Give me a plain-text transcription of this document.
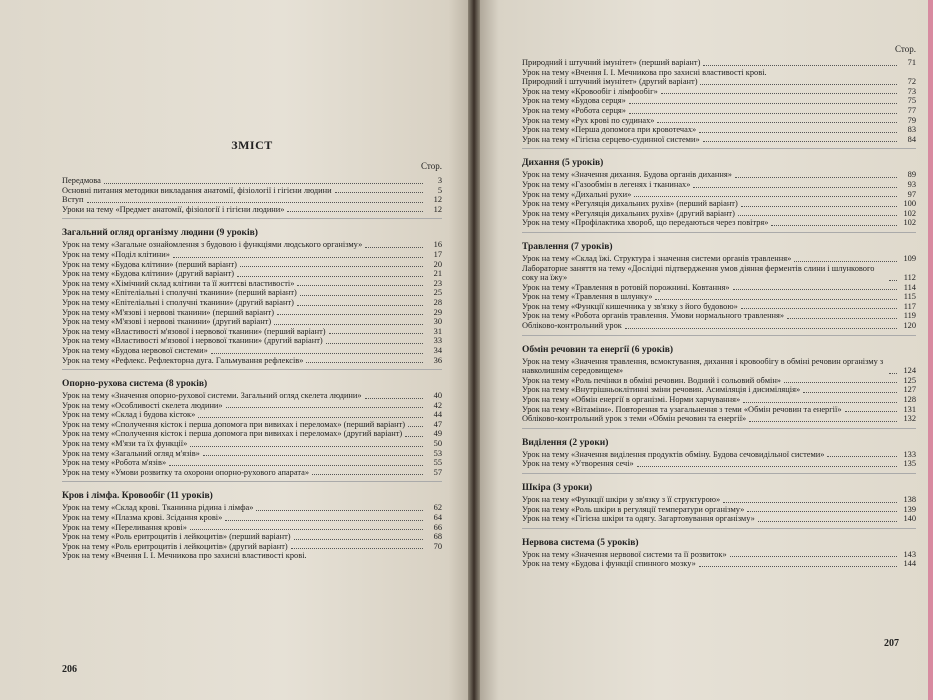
ЗМІСТ
Стор.
Передмова	3
Основні питання методики викладання анатомії, фізіології і гігієни людини	5
Вступ	12
Уроки на тему «Предмет анатомії, фізіології і гігієни людини»	12
Загальний огляд організму людини (9 уроків)
Урок на тему «Загальне ознайомлення з будовою і функціями людського організму»	16
Урок на тему «Поділ клітини»	17
Урок на тему «Будова клітини» (перший варіант)	20
Урок на тему «Будова клітини» (другий варіант)	21
Урок на тему «Хімічний склад клітини та її життєві властивості»	23
Урок на тему «Епітеліальні і сполучні тканини» (перший варіант)	25
Урок на тему «Епітеліальні і сполучні тканини» (другий варіант)	28
Урок на тему «М'язові і нервові тканини» (перший варіант)	29
Урок на тему «М'язові і нервові тканини» (другий варіант)	30
Урок на тему «Властивості м'язової і нервової тканини» (перший варіант)	31
Урок на тему «Властивості м'язової і нервової тканини» (другий варіант)	33
Урок на тему «Будова нервової системи»	34
Урок на тему «Рефлекс. Рефлекторна дуга. Гальмування рефлексів»	36
Опорно-рухова система (8 уроків)
Урок на тему «Значення опорно-рухової системи. Загальний огляд скелета людини»	40
Урок на тему «Особливості скелета людини»	42
Урок на тему «Склад і будова кісток»	44
Урок на тему «Сполучення кісток і перша допомога при вивихах і переломах» (перший варіант)	47
Урок на тему «Сполучення кісток і перша допомога при вивихах і переломах» (другий варіант)	49
Урок на тему «М'язи та їх функції»	50
Урок на тему «Загальний огляд м'язів»	53
Урок на тему «Робота м'язів»	55
Урок на тему «Умови розвитку та охорони опорно-рухового апарата»	57
Кров і лімфа. Кровообіг (11 уроків)
Урок на тему «Склад крові. Тканинна рідина і лімфа»	62
Урок на тему «Плазма крові. Зсідання крові»	64
Урок на тему «Переливання крові»	66
Урок на тему «Роль еритроцитів і лейкоцитів» (перший варіант)	68
Урок на тему «Роль еритроцитів і лейкоцитів» (другий варіант)	70
Урок на тему «Вчення І. І. Мечникова про захисні властивості крові.
206
Стор.
Природний і штучний імунітет» (перший варіант)	71
Урок на тему «Вчення І. І. Мечникова про захисні властивості крові.
Природний і штучний імунітет» (другий варіант)	72
Урок на тему «Кровообіг і лімфообіг»	73
Урок на тему «Будова серця»	75
Урок на тему «Робота серця»	77
Урок на тему «Рух крові по судинах»	79
Урок на тему «Перша допомога при кровотечах»	83
Урок на тему «Гігієна серцево-судинної системи»	84
Дихання (5 уроків)
Урок на тему «Значення дихання. Будова органів дихання»	89
Урок на тему «Газообмін в легенях і тканинах»	93
Урок на тему «Дихальні рухи»	97
Урок на тему «Регуляція дихальних рухів» (перший варіант)	100
Урок на тему «Регуляція дихальних рухів» (другий варіант)	102
Урок на тему «Профілактика хвороб, що передаються через повітря»	102
Травлення (7 уроків)
Урок на тему «Склад їжі. Структура і значення системи органів травлення»	109
Лабораторне заняття на тему «Дослідні підтвердження умов діяння ферментів слини і шлункового соку на їжу»	112
Урок на тему «Травлення в ротовій порожнині. Ковтання»	114
Урок на тему «Травлення в шлунку»	115
Урок на тему «Функції кишечника у зв'язку з його будовою»	117
Урок на тему «Робота органів травлення. Умови нормального травлення»	119
Обліково-контрольний урок	120
Обмін речовин та енергії (6 уроків)
Урок на тему «Значення травлення, всмоктування, дихання і кровообігу в обміні речовин організму з навколишнім середовищем»	124
Урок на тему «Роль печінки в обміні речовин. Водний і сольовий обмін»	125
Урок на тему «Внутрішньоклітинні зміни речовин. Асиміляція і дисиміляція»	127
Урок на тему «Обмін енергії в організмі. Норми харчування»	128
Урок на тему «Вітаміни». Повторення та узагальнення з теми «Обмін речовин та енергії»	131
Обліково-контрольний урок з теми «Обмін речовин та енергії»	132
Виділення (2 уроки)
Урок на тему «Значення виділення продуктів обміну. Будова сечовидільної системи»	133
Урок на тему «Утворення сечі»	135
Шкіра (3 уроки)
Урок на тему «Функції шкіри у зв'язку з її структурою»	138
Урок на тему «Роль шкіри в регуляції температури організму»	139
Урок на тему «Гігієна шкіри та одягу. Загартовування організму»	140
Нервова система (5 уроків)
Урок на тему «Значення нервової системи та її розвиток»	143
Урок на тему «Будова і функції спинного мозку»	144
207
